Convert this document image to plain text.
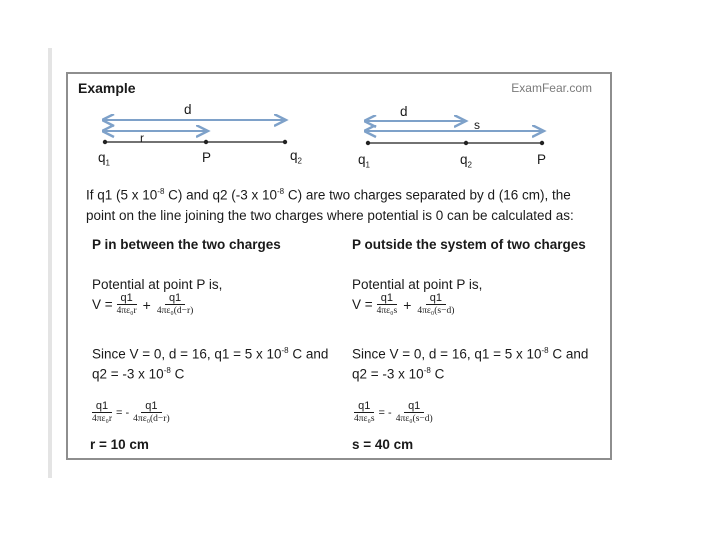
Example	ExamFear.com
d
r
$q_1$	P	$q_2$
d
s
$q_1$	$q_2$	P
If q1 (5 x $10^{-8}$ C) and q2 (-3 x $10^{-8}$ C) are two charges separated by d (16 cm), the
point on the line joining the two charges where potential is 0 can be calculated as:
P in between the two charges
Potential at point P is,
$V = \frac{q1}{\text{4πε₀r}} + \frac{q1}{\text{4πε₀(d−r)}}$
Since V = 0, d = 16, q1 = 5 x $10^{-8}$ C and
q2 = -3 x $10^{-8}$ C
$\frac{q1}{\text{4πε₀r}}$ = - $\frac{q1}{\text{4πε₀(d−r)}}$
r = 10 cm
P outside the system of two charges
Potential at point P is,
$V = \frac{q1}{\text{4πε₀s}} + \frac{q1}{\text{4πε₀(s−d)}}$
Since V = 0, d = 16, q1 = 5 x $10^{-8}$ C and
q2 = -3 x $10^{-8}$ C
$\frac{q1}{\text{4πε₀s}}$ = - $\frac{q1}{\text{4πε₀(s−d)}}$
s = 40 cm
